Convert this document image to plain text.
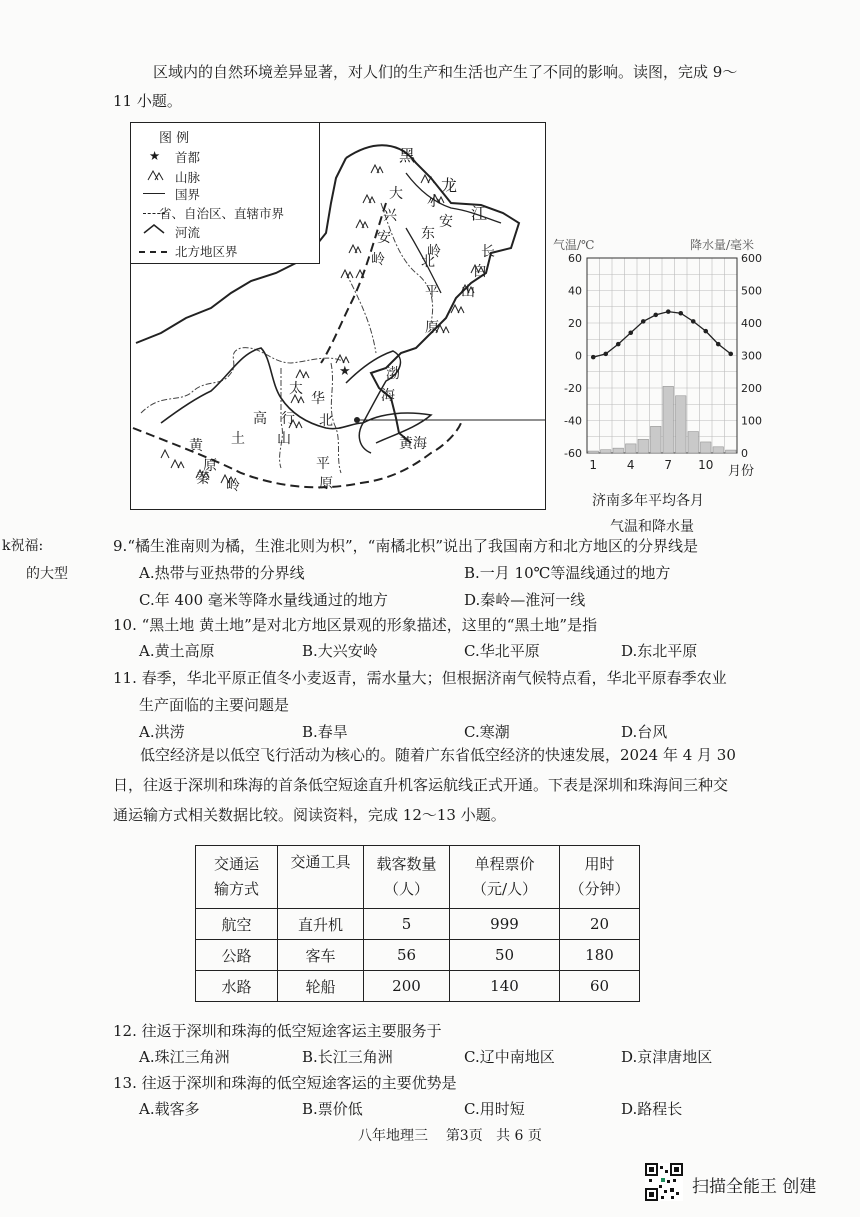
区域内的自然环境差异显著，对人们的生产和生活也产生了不同的影响。读图，完成 9～
11 小题。
★
黑
龙
江
大
兴
安
岭
小
安
东
岭
北
长
白
山
平
原
太
行
山
华
北
平
原
渤
海
黄海
黄 土
高
原
秦 岭
图 例
★ 首都
山脉
国界
省、自治区、直辖市界
河流
北方地区界	气温/℃	降水量/毫米
60
40
20
0
-20
-40
-60
600
500
400
300
200
100
0
1 4 7 10 月份
济南多年平均各月
气温和降水量
k祝福:
的大型
9.“橘生淮南则为橘，生淮北则为枳”，“南橘北枳”说出了我国南方和北方地区的分界线是
A.热带与亚热带的分界线	B.一月 10℃等温线通过的地方
C.年 400 毫米等降水量线通过的地方	D.秦岭—淮河一线
10. “黑土地 黄土地”是对北方地区景观的形象描述，这里的“黑土地”是指
A.黄土高原	B.大兴安岭	C.华北平原	D.东北平原
11. 春季，华北平原正值冬小麦返青，需水量大；但根据济南气候特点看，华北平原春季农业
生产面临的主要问题是
A.洪涝	B.春旱	C.寒潮	D.台风
低空经济是以低空飞行活动为核心的。随着广东省低空经济的快速发展，2024 年 4 月 30
日，往返于深圳和珠海的首条低空短途直升机客运航线正式开通。下表是深圳和珠海间三种交
通运输方式相关数据比较。阅读资料，完成 12～13 小题。
交通运
输方式	交通工具	载客数量
（人）	单程票价
（元/人）	用时
（分钟）
航空	直升机	5	999	20
公路	客车	56	50	180
水路	轮船	200	140	60
12. 往返于深圳和珠海的低空短途客运主要服务于
A.珠江三角洲	B.长江三角洲	C.辽中南地区	D.京津唐地区
13. 往返于深圳和珠海的低空短途客运的主要优势是
A.载客多	B.票价低	C.用时短	D.路程长
八年地理三 第3页 共 6 页
扫描全能王 创建
